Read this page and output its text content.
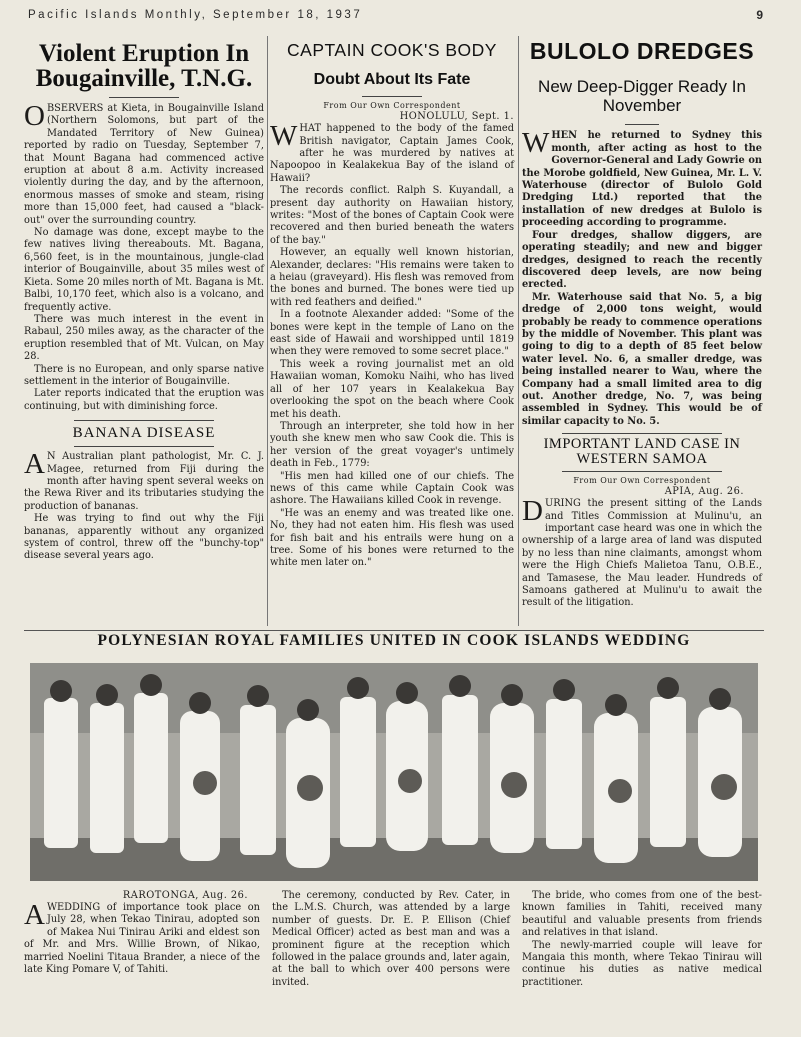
Pacific Islands Monthly, September 18, 1937	9
Violent Eruption In Bougainville, T.N.G.

OBSERVERS at Kieta, in Bougainville Island (Northern Solomons, but part of the Mandated Territory of New Guinea) reported by radio on Tuesday, September 7, that Mount Bagana had commenced active eruption at about 8 a.m. Activity increased violently during the day, and by the afternoon, enormous masses of smoke and steam, rising more than 15,000 feet, had caused a "black-out" over the surrounding country.

No damage was done, except maybe to the few natives living thereabouts. Mt. Bagana, 6,560 feet, is in the mountainous, jungle-clad interior of Bougainville, about 35 miles west of Kieta. Some 20 miles north of Mt. Bagana is Mt. Balbi, 10,170 feet, which also is a volcano, and frequently active.

There was much interest in the event in Rabaul, 250 miles away, as the character of the eruption resembled that of Mt. Vulcan, on May 28.

There is no European, and only sparse native settlement in the interior of Bougainville.

Later reports indicated that the eruption was continuing, but with diminishing force.

BANANA DISEASE

A N Australian plant pathologist, Mr. C. J. Magee, returned from Fiji during the month after having spent several weeks on the Rewa River and its tributaries studying the production of bananas.

He was trying to find out why the Fiji bananas, apparently without any organized system of control, threw off the "bunchy-top" disease several years ago.

CAPTAIN COOK'S BODY
Doubt About Its Fate
From Our Own Correspondent
HONOLULU, Sept. 1.

WHAT happened to the body of the famed British navigator, Captain James Cook, after he was murdered by natives at Napoopoo in Kealakekua Bay of the island of Hawaii?

The records conflict. Ralph S. Kuyandall, a present day authority on Hawaiian history, writes: "Most of the bones of Captain Cook were recovered and then buried beneath the waters of the bay."

However, an equally well known historian, Alexander, declares: "His remains were taken to a heiau (graveyard). His flesh was removed from the bones and burned. The bones were tied up with red feathers and deified."

In a footnote Alexander added: "Some of the bones were kept in the temple of Lano on the east side of Hawaii and worshipped until 1819 when they were removed to some secret place."

This week a roving journalist met an old Hawaiian woman, Komoku Naihi, who has lived all of her 107 years in Kealakekua Bay overlooking the spot on the beach where Cook met his death.

Through an interpreter, she told how in her youth she knew men who saw Cook die. This is her version of the great voyager's untimely death in Feb., 1779:

"His men had killed one of our chiefs. The news of this came while Captain Cook was ashore. The Hawaiians killed Cook in revenge.

"He was an enemy and was treated like one. No, they had not eaten him. His flesh was used for fish bait and his entrails were hung on a tree. Some of his bones were returned to the white men later on."

BULOLO DREDGES
New Deep-Digger Ready In November

WHEN he returned to Sydney this month, after acting as host to the Governor-General and Lady Gowrie on the Morobe goldfield, New Guinea, Mr. L. V. Waterhouse (director of Bulolo Gold Dredging Ltd.) reported that the installation of new dredges at Bulolo is proceeding according to programme.

Four dredges, shallow diggers, are operating steadily; and new and bigger dredges, designed to reach the recently discovered deep levels, are now being erected.

Mr. Waterhouse said that No. 5, a big dredge of 2,000 tons weight, would probably be ready to commence operations by the middle of November. This plant was going to dig to a depth of 85 feet below water level. No. 6, a smaller dredge, was being installed nearer to Wau, where the Company had a small limited area to dig out. Another dredge, No. 7, was being assembled in Sydney. This would be of similar capacity to No. 5.

IMPORTANT LAND CASE IN WESTERN SAMOA
From Our Own Correspondent
APIA, Aug. 26.

DURING the present sitting of the Lands and Titles Commission at Mulinu'u, an important case heard was one in which the ownership of a large area of land was disputed by no less than nine claimants, amongst whom were the High Chiefs Malietoa Tanu, O.B.E., and Tamasese, the Mau leader. Hundreds of Samoans gathered at Mulinu'u to await the result of the litigation.

POLYNESIAN ROYAL FAMILIES UNITED IN COOK ISLANDS WEDDING
RAROTONGA, Aug. 26.

AWEDDING of importance took place on July 28, when Tekao Tinirau, adopted son of Makea Nui Tinirau Ariki and eldest son of Mr. and Mrs. Willie Brown, of Nikao, married Noelini Titaua Brander, a niece of the late King Pomare V, of Tahiti.

The ceremony, conducted by Rev. Cater, in the L.M.S. Church, was attended by a large number of guests. Dr. E. P. Ellison (Chief Medical Officer) acted as best man and was a prominent figure at the reception which followed in the palace grounds and, later again, at the ball to which over 400 persons were invited.

The bride, who comes from one of the best-known families in Tahiti, received many beautiful and valuable presents from friends and relatives in that island.

The newly-married couple will leave for Mangaia this month, where Tekao Tinirau will continue his duties as native medical practitioner.
